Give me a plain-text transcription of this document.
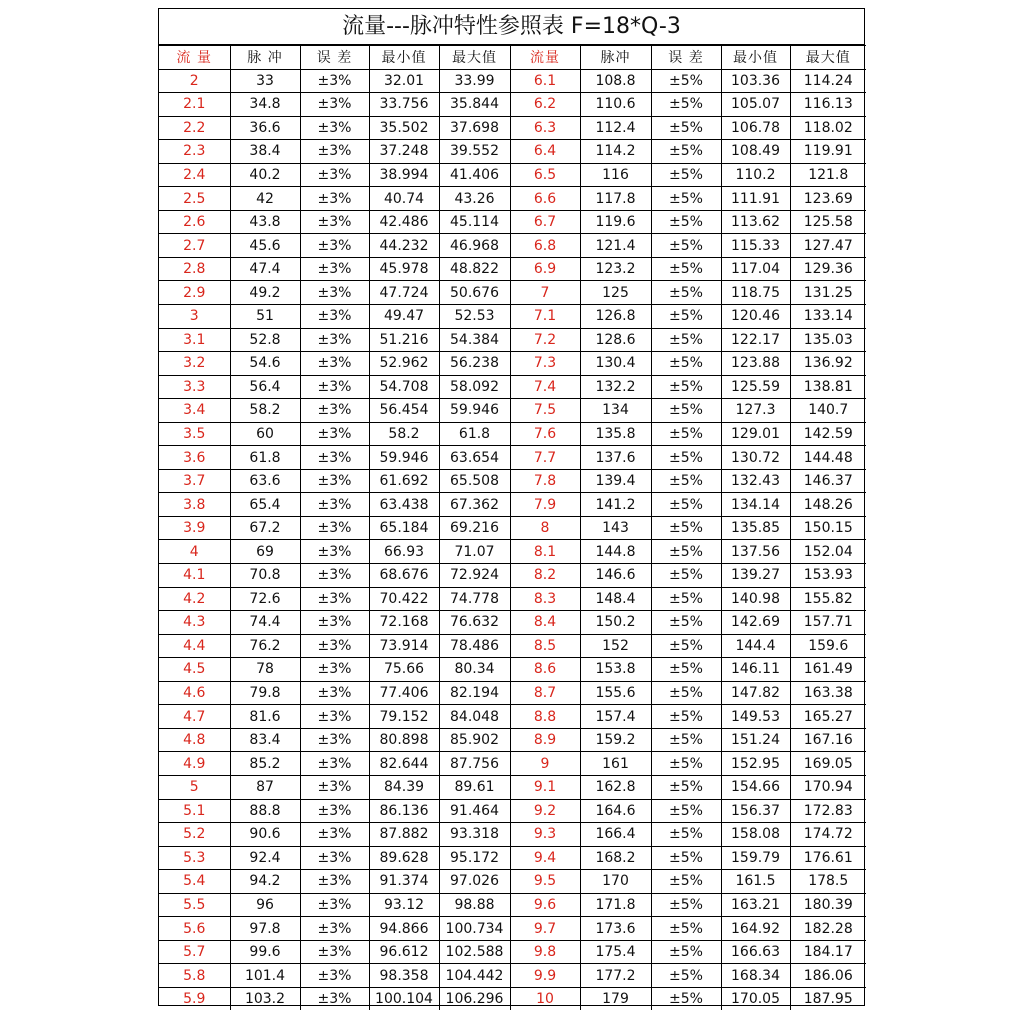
流量---脉冲特性参照表 F=18*Q-3
流 量	脉 冲	误 差	最小值	最大值	流量	脉冲	误 差	最小值	最大值
2	33	±3%	32.01	33.99	6.1	108.8	±5%	103.36	114.24
2.1	34.8	±3%	33.756	35.844	6.2	110.6	±5%	105.07	116.13
2.2	36.6	±3%	35.502	37.698	6.3	112.4	±5%	106.78	118.02
2.3	38.4	±3%	37.248	39.552	6.4	114.2	±5%	108.49	119.91
2.4	40.2	±3%	38.994	41.406	6.5	116	±5%	110.2	121.8
2.5	42	±3%	40.74	43.26	6.6	117.8	±5%	111.91	123.69
2.6	43.8	±3%	42.486	45.114	6.7	119.6	±5%	113.62	125.58
2.7	45.6	±3%	44.232	46.968	6.8	121.4	±5%	115.33	127.47
2.8	47.4	±3%	45.978	48.822	6.9	123.2	±5%	117.04	129.36
2.9	49.2	±3%	47.724	50.676	7	125	±5%	118.75	131.25
3	51	±3%	49.47	52.53	7.1	126.8	±5%	120.46	133.14
3.1	52.8	±3%	51.216	54.384	7.2	128.6	±5%	122.17	135.03
3.2	54.6	±3%	52.962	56.238	7.3	130.4	±5%	123.88	136.92
3.3	56.4	±3%	54.708	58.092	7.4	132.2	±5%	125.59	138.81
3.4	58.2	±3%	56.454	59.946	7.5	134	±5%	127.3	140.7
3.5	60	±3%	58.2	61.8	7.6	135.8	±5%	129.01	142.59
3.6	61.8	±3%	59.946	63.654	7.7	137.6	±5%	130.72	144.48
3.7	63.6	±3%	61.692	65.508	7.8	139.4	±5%	132.43	146.37
3.8	65.4	±3%	63.438	67.362	7.9	141.2	±5%	134.14	148.26
3.9	67.2	±3%	65.184	69.216	8	143	±5%	135.85	150.15
4	69	±3%	66.93	71.07	8.1	144.8	±5%	137.56	152.04
4.1	70.8	±3%	68.676	72.924	8.2	146.6	±5%	139.27	153.93
4.2	72.6	±3%	70.422	74.778	8.3	148.4	±5%	140.98	155.82
4.3	74.4	±3%	72.168	76.632	8.4	150.2	±5%	142.69	157.71
4.4	76.2	±3%	73.914	78.486	8.5	152	±5%	144.4	159.6
4.5	78	±3%	75.66	80.34	8.6	153.8	±5%	146.11	161.49
4.6	79.8	±3%	77.406	82.194	8.7	155.6	±5%	147.82	163.38
4.7	81.6	±3%	79.152	84.048	8.8	157.4	±5%	149.53	165.27
4.8	83.4	±3%	80.898	85.902	8.9	159.2	±5%	151.24	167.16
4.9	85.2	±3%	82.644	87.756	9	161	±5%	152.95	169.05
5	87	±3%	84.39	89.61	9.1	162.8	±5%	154.66	170.94
5.1	88.8	±3%	86.136	91.464	9.2	164.6	±5%	156.37	172.83
5.2	90.6	±3%	87.882	93.318	9.3	166.4	±5%	158.08	174.72
5.3	92.4	±3%	89.628	95.172	9.4	168.2	±5%	159.79	176.61
5.4	94.2	±3%	91.374	97.026	9.5	170	±5%	161.5	178.5
5.5	96	±3%	93.12	98.88	9.6	171.8	±5%	163.21	180.39
5.6	97.8	±3%	94.866	100.734	9.7	173.6	±5%	164.92	182.28
5.7	99.6	±3%	96.612	102.588	9.8	175.4	±5%	166.63	184.17
5.8	101.4	±3%	98.358	104.442	9.9	177.2	±5%	168.34	186.06
5.9	103.2	±3%	100.104	106.296	10	179	±5%	170.05	187.95
